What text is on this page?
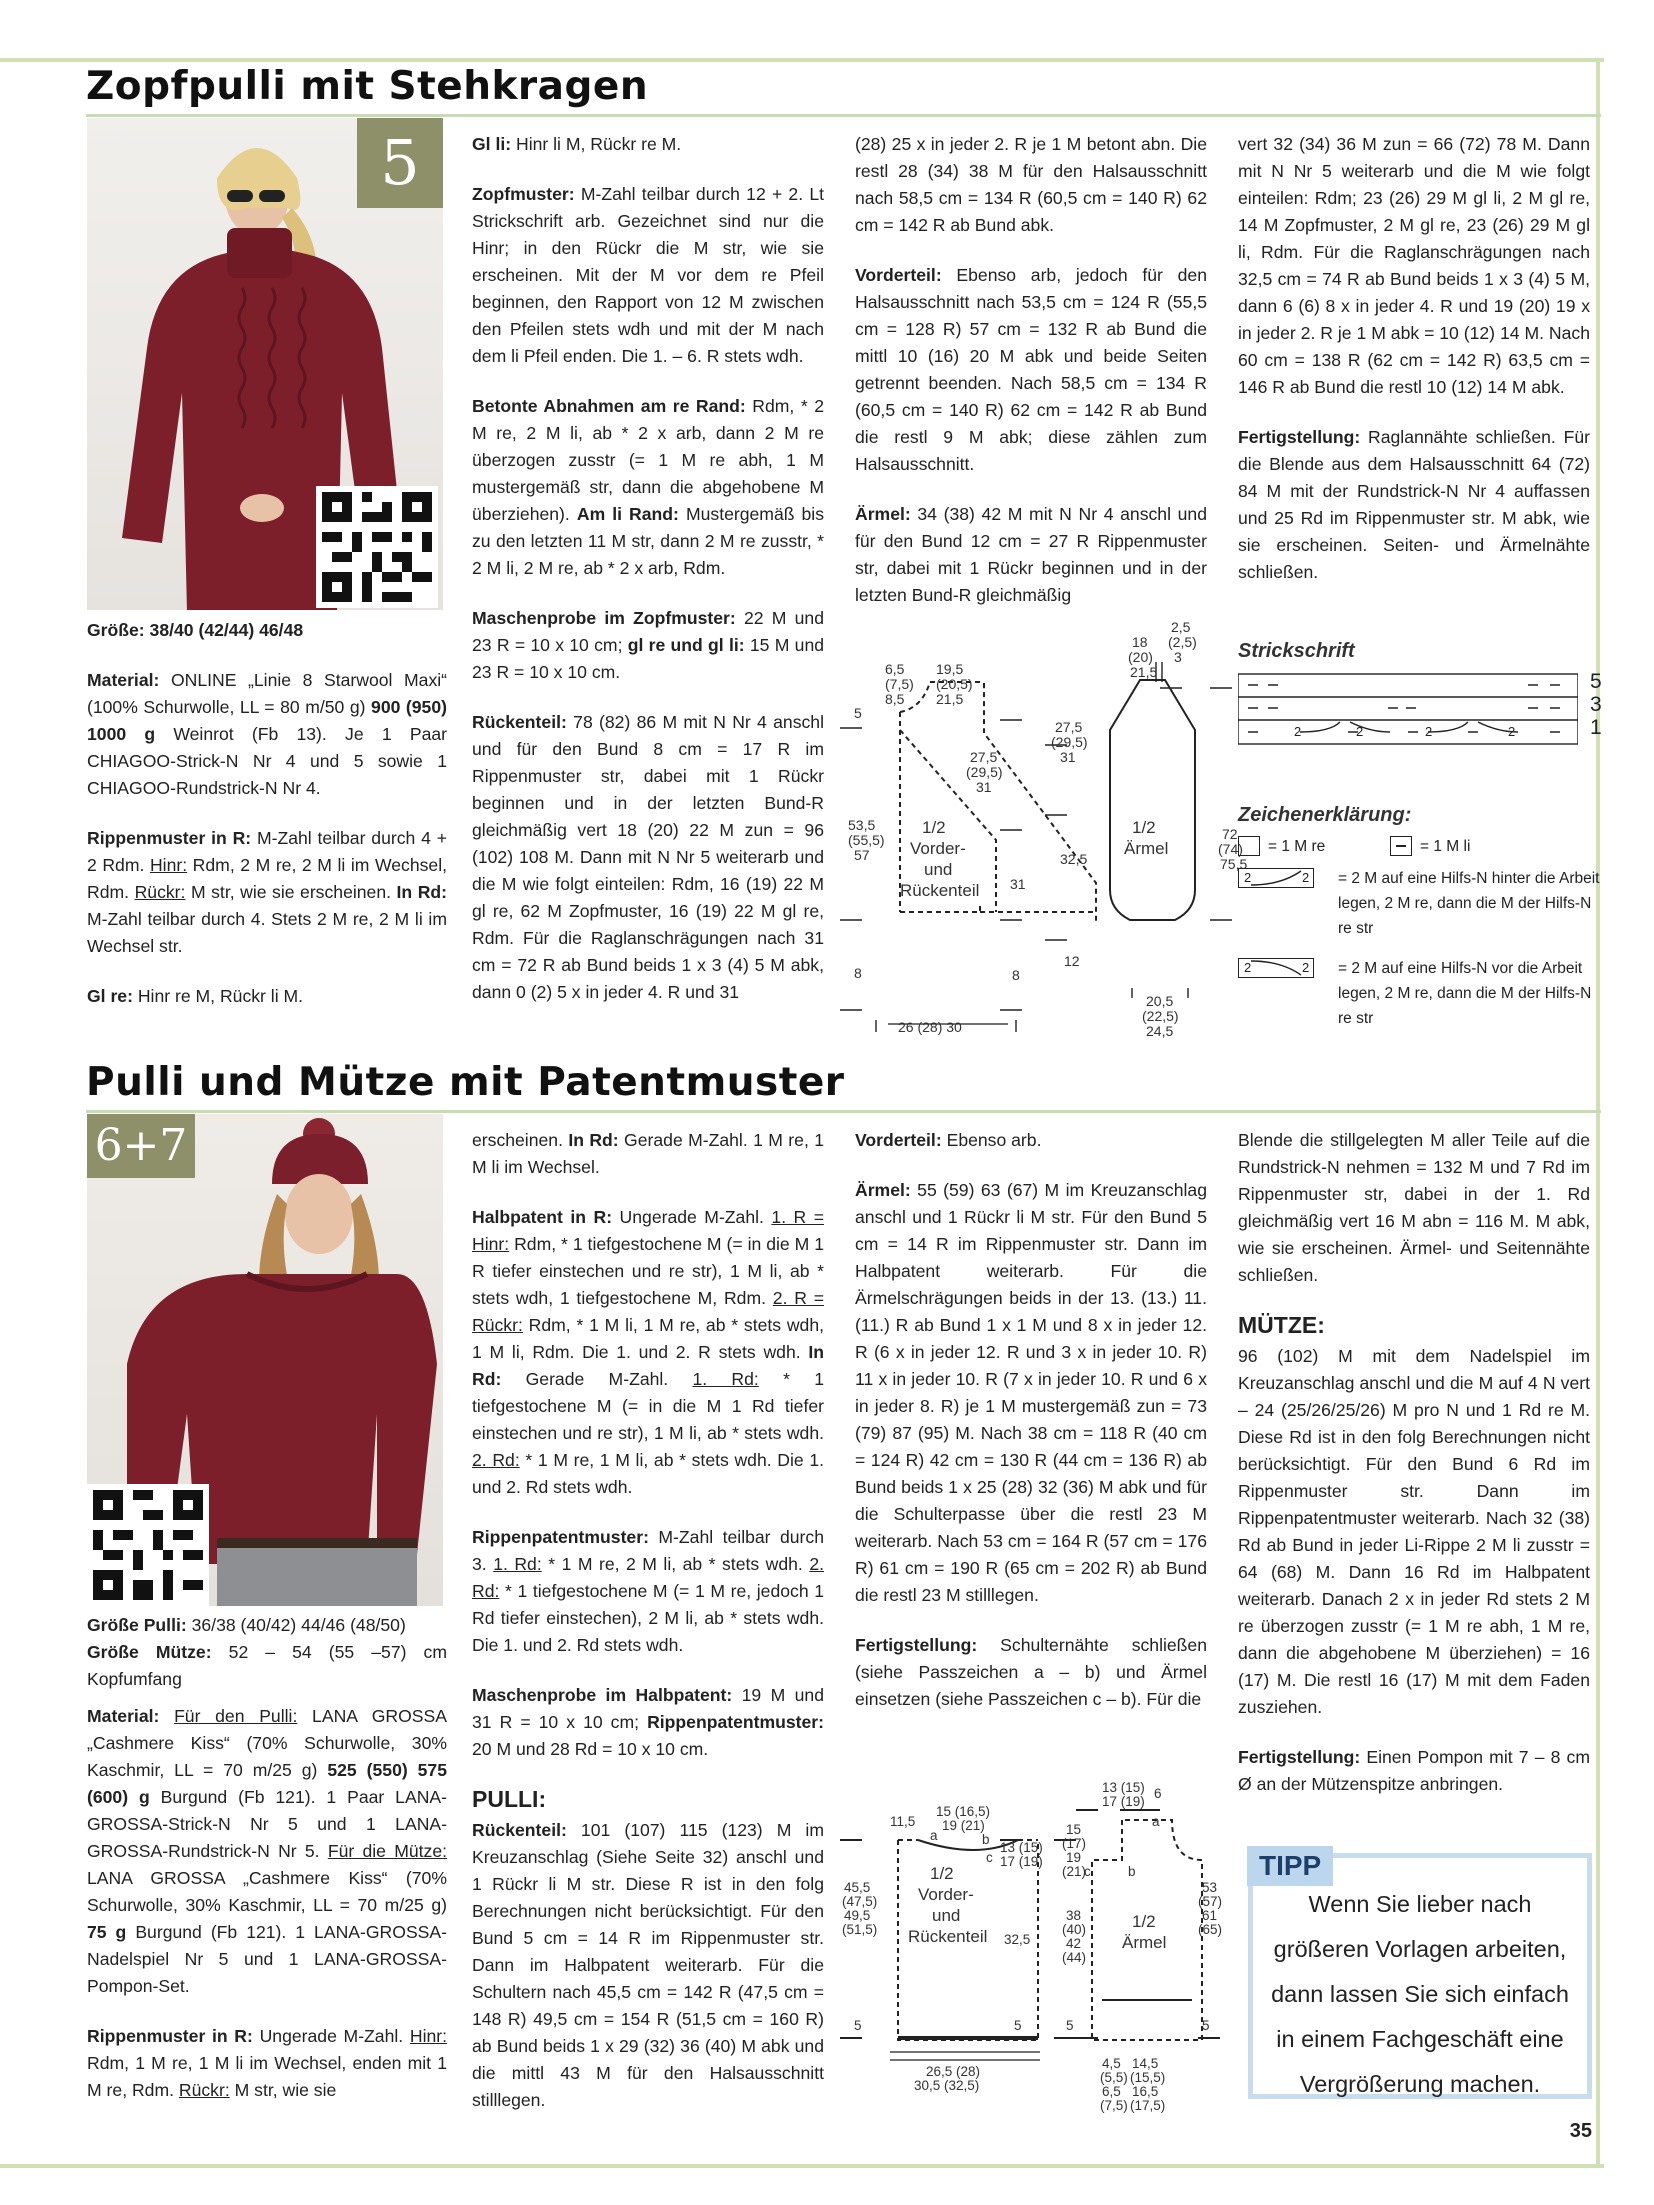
Zopfpulli mit Stehkragen
5

Größe: 38/40 (42/44) 46/48

Material: ONLINE „Linie 8 Starwool Maxi“ (100% Schurwolle, LL = 80 m/50 g) 900 (950) 1000 g Weinrot (Fb 13). Je 1 Paar CHIAGOO-Strick-N Nr 4 und 5 sowie 1 CHIAGOO-Rundstrick-N Nr 4.

Rippenmuster in R: M-Zahl teilbar durch 4 + 2 Rdm. Hinr: Rdm, 2 M re, 2 M li im Wechsel, Rdm. Rückr: M str, wie sie erscheinen. In Rd: M-Zahl teilbar durch 4. Stets 2 M re, 2 M li im Wechsel str.

Gl re: Hinr re M, Rückr li M.

Gl li: Hinr li M, Rückr re M.

Zopfmuster: M-Zahl teilbar durch 12 + 2. Lt Strickschrift arb. Gezeichnet sind nur die Hinr; in den Rückr die M str, wie sie erscheinen. Mit der M vor dem re Pfeil beginnen, den Rapport von 12 M zwischen den Pfeilen stets wdh und mit der M nach dem li Pfeil enden. Die 1. – 6. R stets wdh.

Betonte Abnahmen am re Rand: Rdm, * 2 M re, 2 M li, ab * 2 x arb, dann 2 M re überzogen zusstr (= 1 M re abh, 1 M mustergemäß str, dann die abgehobene M überziehen). Am li Rand: Mustergemäß bis zu den letzten 11 M str, dann 2 M re zusstr, * 2 M li, 2 M re, ab * 2 x arb, Rdm.

Maschenprobe im Zopfmuster: 22 M und 23 R = 10 x 10 cm; gl re und gl li: 15 M und 23 R = 10 x 10 cm.

Rückenteil: 78 (82) 86 M mit N Nr 4 anschl und für den Bund 8 cm = 17 R im Rippenmuster str, dabei mit 1 Rückr beginnen und in der letzten Bund-R gleichmäßig vert 18 (20) 22 M zun = 96 (102) 108 M. Dann mit N Nr 5 weiterarb und die M wie folgt einteilen: Rdm, 16 (19) 22 M gl re, 62 M Zopfmuster, 16 (19) 22 M gl re, Rdm. Für die Raglanschrägungen nach 31 cm = 72 R ab Bund beids 1 x 3 (4) 5 M abk, dann 0 (2) 5 x in jeder 4. R und 31

(28) 25 x in jeder 2. R je 1 M betont abn. Die restl 28 (34) 38 M für den Halsausschnitt nach 58,5 cm = 134 R (60,5 cm = 140 R) 62 cm = 142 R ab Bund abk.

Vorderteil: Ebenso arb, jedoch für den Halsausschnitt nach 53,5 cm = 124 R (55,5 cm = 128 R) 57 cm = 132 R ab Bund die mittl 10 (16) 20 M abk und beide Seiten getrennt beenden. Nach 58,5 cm = 134 R (60,5 cm = 140 R) 62 cm = 142 R ab Bund die restl 9 M abk; diese zählen zum Halsausschnitt.

Ärmel: 34 (38) 42 M mit N Nr 4 anschl und für den Bund 12 cm = 27 R Rippenmuster str, dabei mit 1 Rückr beginnen und in der letzten Bund-R gleichmäßig

6,5
(7,5)
8,5
19,5
(20,5)
21,5
5
53,5
(55,5)
57
8
27,5
(29,5)
31
31
8
26 (28) 30
1/2
Vorder-
und
Rückenteil
2,5
(2,5)
3
18
(20)
21,5
27,5
(29,5)
31
32,5
12
20,5
(22,5)
24,5
72
(74)
75,5
1/2
Ärmel

vert 32 (34) 36 M zun = 66 (72) 78 M. Dann mit N Nr 5 weiterarb und die M wie folgt einteilen: Rdm; 23 (26) 29 M gl li, 2 M gl re, 14 M Zopfmuster, 2 M gl re, 23 (26) 29 M gl li, Rdm. Für die Raglanschrägungen nach 32,5 cm = 74 R ab Bund beids 1 x 3 (4) 5 M, dann 6 (6) 8 x in jeder 4. R und 19 (20) 19 x in jeder 2. R je 1 M abk = 10 (12) 14 M. Nach 60 cm = 138 R (62 cm = 142 R) 63,5 cm = 146 R ab Bund die restl 10 (12) 14 M abk.

Fertigstellung: Raglannähte schließen. Für die Blende aus dem Halsausschnitt 64 (72) 84 M mit der Rundstrick-N Nr 4 auffassen und 25 Rd im Rippenmuster str. M abk, wie sie erscheinen. Seiten- und Ärmelnähte schließen.

Strickschrift
2	2	2	2
5
3
1
Zeichenerklärung:
= 1 M re	= 1 M li
2	2 = 2 M auf eine Hilfs-N hinter die Arbeit legen, 2 M re, dann die M der Hilfs-N re str
2	2 = 2 M auf eine Hilfs-N vor die Arbeit legen, 2 M re, dann die M der Hilfs-N re str
Pulli und Mütze mit Patentmuster
6+7

Größe Pulli: 36/38 (40/42) 44/46 (48/50)
Größe Mütze: 52 – 54 (55 –57) cm Kopfumfang

Material: Für den Pulli: LANA GROSSA „Cashmere Kiss“ (70% Schurwolle, 30% Kaschmir, LL = 70 m/25 g) 525 (550) 575 (600) g Burgund (Fb 121). 1 Paar LANA-GROSSA-Strick-N Nr 5 und 1 LANA-GROSSA-Rundstrick-N Nr 5. Für die Mütze: LANA GROSSA „Cashmere Kiss“ (70% Schurwolle, 30% Kaschmir, LL = 70 m/25 g) 75 g Burgund (Fb 121). 1 LANA-GROSSA-Nadelspiel Nr 5 und 1 LANA-GROSSA-Pompon-Set.

Rippenmuster in R: Ungerade M-Zahl. Hinr: Rdm, 1 M re, 1 M li im Wechsel, enden mit 1 M re, Rdm. Rückr: M str, wie sie

erscheinen. In Rd: Gerade M-Zahl. 1 M re, 1 M li im Wechsel.

Halbpatent in R: Ungerade M-Zahl. 1. R = Hinr: Rdm, * 1 tiefgestochene M (= in die M 1 R tiefer einstechen und re str), 1 M li, ab * stets wdh, 1 tiefgestochene M, Rdm. 2. R = Rückr: Rdm, * 1 M li, 1 M re, ab * stets wdh, 1 M li, Rdm. Die 1. und 2. R stets wdh. In Rd: Gerade M-Zahl. 1. Rd: * 1 tiefgestochene M (= in die M 1 Rd tiefer einstechen und re str), 1 M li, ab * stets wdh. 2. Rd: * 1 M re, 1 M li, ab * stets wdh. Die 1. und 2. Rd stets wdh.

Rippenpatentmuster: M-Zahl teilbar durch 3. 1. Rd: * 1 M re, 2 M li, ab * stets wdh. 2. Rd: * 1 tiefgestochene M (= 1 M re, jedoch 1 Rd tiefer einstechen), 2 M li, ab * stets wdh. Die 1. und 2. Rd stets wdh.

Maschenprobe im Halbpatent: 19 M und 31 R = 10 x 10 cm; Rippenpatentmuster: 20 M und 28 Rd = 10 x 10 cm.

PULLI:

Rückenteil: 101 (107) 115 (123) M im Kreuzanschlag (Siehe Seite 32) anschl und 1 Rückr li M str. Diese R ist in den folg Berechnungen nicht berücksichtigt. Für den Bund 5 cm = 14 R im Rippenmuster str. Dann im Halbpatent weiterarb. Für die Schultern nach 45,5 cm = 142 R (47,5 cm = 148 R) 49,5 cm = 154 R (51,5 cm = 160 R) ab Bund beids 1 x 29 (32) 36 (40) M abk und die mittl 43 M für den Halsausschnitt stilllegen.

Vorderteil: Ebenso arb.

Ärmel: 55 (59) 63 (67) M im Kreuzanschlag anschl und 1 Rückr li M str. Für den Bund 5 cm = 14 R im Rippenmuster str. Dann im Halbpatent weiterarb. Für die Ärmelschrägungen beids in der 13. (13.) 11. (11.) R ab Bund 1 x 1 M und 8 x in jeder 12. R (6 x in jeder 12. R und 3 x in jeder 10. R) 11 x in jeder 10. R (7 x in jeder 10. R und 6 x in jeder 8. R) je 1 M mustergemäß zun = 73 (79) 87 (95) M. Nach 38 cm = 118 R (40 cm = 124 R) 42 cm = 130 R (44 cm = 136 R) ab Bund beids 1 x 25 (28) 32 (36) M abk und für die Schulterpasse über die restl 23 M weiterarb. Nach 53 cm = 164 R (57 cm = 176 R) 61 cm = 190 R (65 cm = 202 R) ab Bund die restl 23 M stilllegen.

Fertigstellung: Schulternähte schließen (siehe Passzeichen a – b) und Ärmel einsetzen (siehe Passzeichen c – b). Für die

11,5
15 (16,5)
19 (21)
a	b
c
13 (15)
17 (19)
45,5
(47,5)
49,5
(51,5)
1/2
Vorder-
und
Rückenteil 32,5
5	5
26,5 (28)
30,5 (32,5)
13 (15)
17 (19)
6
15
(17)
19
(21)
a
c	b
38
(40)
42
(44)
1/2
Ärmel
53
(57)
61
(65)
5	5
4,5
(5,5)
6,5
(7,5)
14,5
(15,5)
16,5
(17,5)

Blende die stillgelegten M aller Teile auf die Rundstrick-N nehmen = 132 M und 7 Rd im Rippenmuster str, dabei in der 1. Rd gleichmäßig vert 16 M abn = 116 M. M abk, wie sie erscheinen. Ärmel- und Seitennähte schließen.

MÜTZE:

96 (102) M mit dem Nadelspiel im Kreuzanschlag anschl und die M auf 4 N vert – 24 (25/26/25/26) M pro N und 1 Rd re M. Diese Rd ist in den folg Berechnungen nicht berücksichtigt. Für den Bund 6 Rd im Rippenmuster str. Dann im Rippenpatentmuster weiterarb. Nach 32 (38) Rd ab Bund in jeder Li-Rippe 2 M li zusstr = 64 (68) M. Dann 16 Rd im Halbpatent weiterarb. Danach 2 x in jeder Rd stets 2 M re überzogen zusstr (= 1 M re abh, 1 M re, dann die abgehobene M überziehen) = 16 (17) M. Die restl 16 (17) M mit dem Faden zusziehen.

Fertigstellung: Einen Pompon mit 7 – 8 cm Ø an der Mützenspitze anbringen.

TIPP
Wenn Sie lieber nach größeren Vorlagen arbeiten, dann lassen Sie sich einfach in einem Fachgeschäft eine Vergrößerung machen.
35
